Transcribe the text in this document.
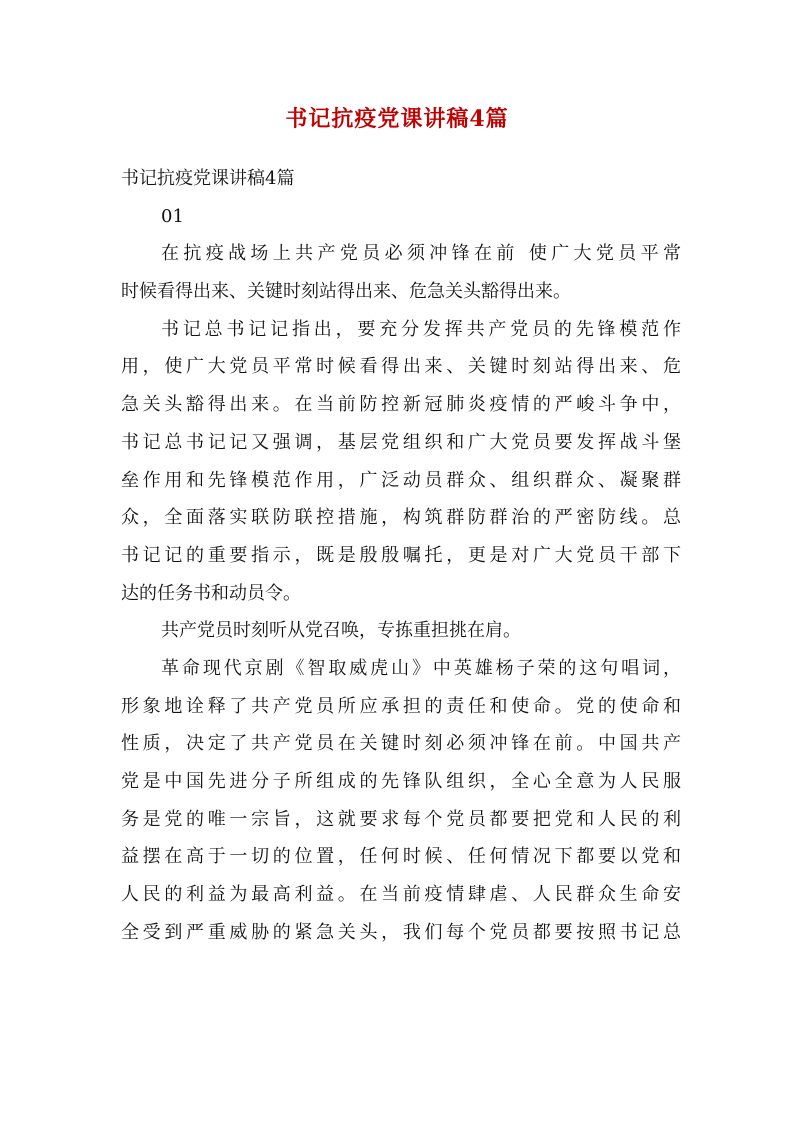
书记抗疫党课讲稿4篇

书记抗疫党课讲稿4篇

01

在抗疫战场上共产党员必须冲锋在前 使广大党员平常

时候看得出来、关键时刻站得出来、危急关头豁得出来。

书记总书记记指出，要充分发挥共产党员的先锋模范作

用，使广大党员平常时候看得出来、关键时刻站得出来、危

急关头豁得出来。在当前防控新冠肺炎疫情的严峻斗争中，

书记总书记记又强调，基层党组织和广大党员要发挥战斗堡

垒作用和先锋模范作用，广泛动员群众、组织群众、凝聚群

众，全面落实联防联控措施，构筑群防群治的严密防线。总

书记记的重要指示，既是殷殷嘱托，更是对广大党员干部下

达的任务书和动员令。

共产党员时刻听从党召唤，专拣重担挑在肩。

革命现代京剧《智取威虎山》中英雄杨子荣的这句唱词，

形象地诠释了共产党员所应承担的责任和使命。党的使命和

性质，决定了共产党员在关键时刻必须冲锋在前。中国共产

党是中国先进分子所组成的先锋队组织，全心全意为人民服

务是党的唯一宗旨，这就要求每个党员都要把党和人民的利

益摆在高于一切的位置，任何时候、任何情况下都要以党和

人民的利益为最高利益。在当前疫情肆虐、人民群众生命安

全受到严重威胁的紧急关头，我们每个党员都要按照书记总
